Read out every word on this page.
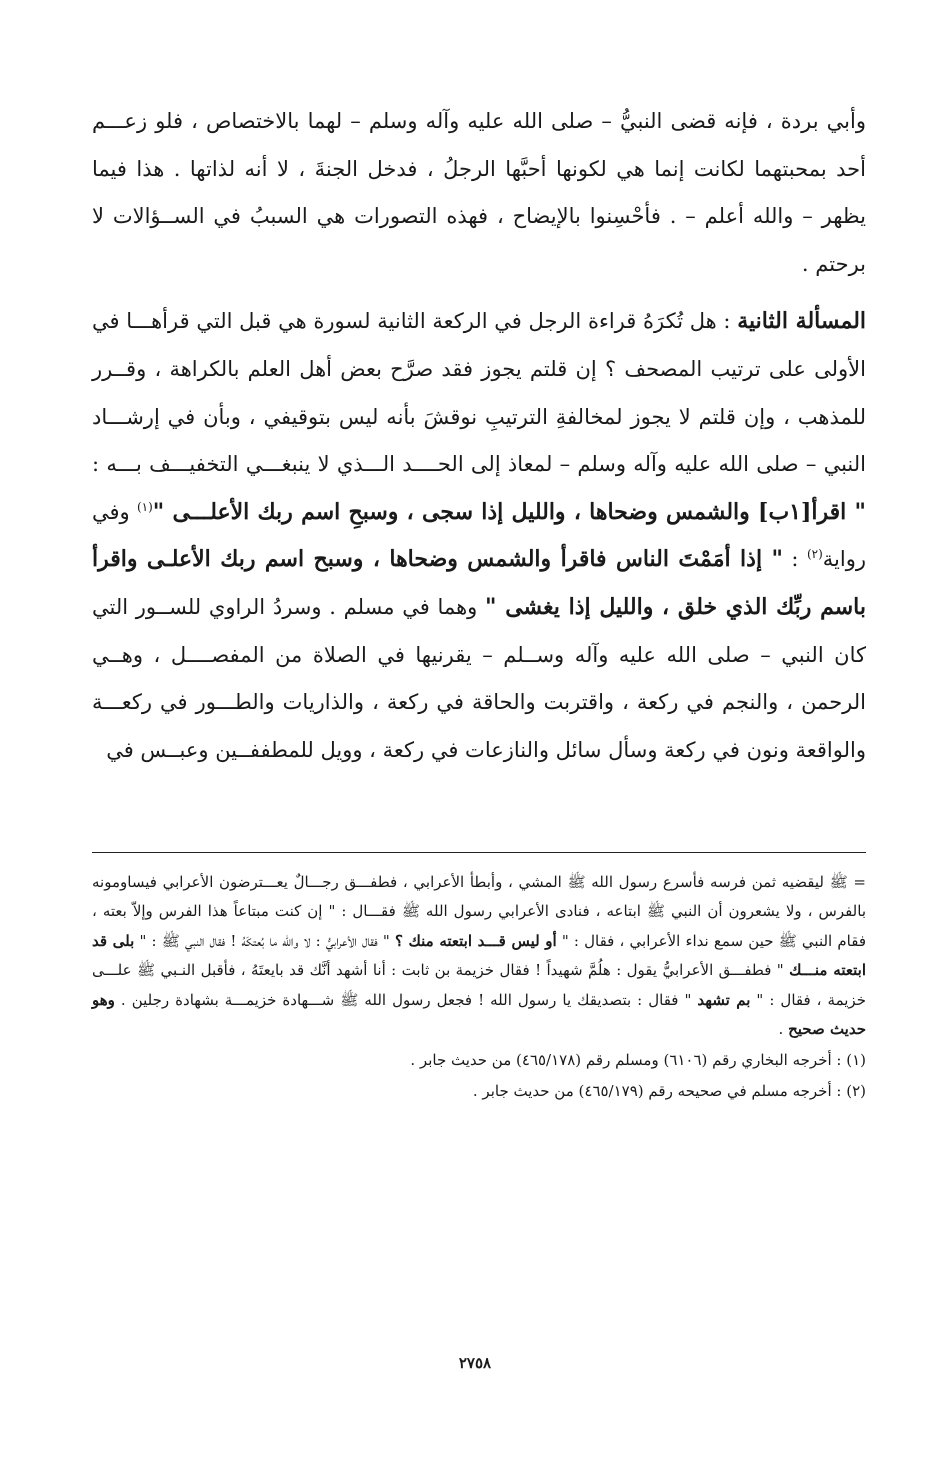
وأبي بردة ، فإنه قضى النبيُّ – صلى الله عليه وآله وسلم – لهما بالاختصاص ، فلو زعـــم أحد بمحبتهما لكانت إنما هي لكونها أحبَّها الرجلُ ، فدخل الجنةَ ، لا أنه لذاتها . هذا فيما يظهر – والله أعلم – . فأحْسِنوا بالإيضاح ، فهذه التصورات هي السببُ في الســؤالات لا برحتم .

المسألة الثانية : هل تُكرَهُ قراءة الرجل في الركعة الثانية لسورة هي قبل التي قرأهـــا في الأولى على ترتيب المصحف ؟ إن قلتم يجوز فقد صرَّح بعض أهل العلم بالكراهة ، وقــرر للمذهب ، وإن قلتم لا يجوز لمخالفةِ الترتيبِ نوقشَ بأنه ليس بتوقيفي ، وبأن في إرشـــاد النبي – صلى الله عليه وآله وسلم – لمعاذ إلى الحــــد الـــذي لا ينبغـــي التخفيـــف بـــه : " اقرأ[١ب] والشمس وضحاها ، والليل إذا سجى ، وسبحِ اسم ربك الأعلـــى "$^{(١)}$ وفي رواية$^{(٢)}$ : " إذا أمَمْتَ الناس فاقرأ والشمس وضحاها ، وسبح اسم ربك الأعلـى واقرأ باسم ربِّك الذي خلق ، والليل إذا يغشى " وهما في مسلم . وسردُ الراوي للســور التي كان النبي – صلى الله عليه وآله وســلم – يقرنيها في الصلاة من المفصــــل ، وهــي الرحمن ، والنجم في ركعة ، واقتربت والحاقة في ركعة ، والذاريات والطـــور في ركعـــة والواقعة ونون في ركعة وسأل سائل والنازعات في ركعة ، وويل للمطففــين وعبــس في

= ﷺ ليقضيه ثمن فرسه فأسرع رسول الله ﷺ المشي ، وأبطأ الأعرابي ، فطفـــق رجـــالٌ يعـــترضون الأعرابي فيساومونه بالفرس ، ولا يشعرون أن النبي ﷺ ابتاعه ، فنادى الأعرابي رسول الله ﷺ فقـــال : " إن كنت مبتاعاً هذا الفرس وإلاّ بعته ، فقام النبي ﷺ حين سمع نداء الأعرابي ، فقال : " أو ليس قـــد ابتعته منك ؟ " فقال الأعرابيُّ : لا والله ما بُعتكَهُ ! فقال النبي ﷺ : " بلى قد ابتعته منـــك " فطفـــق الأعرابيُّ يقول : هلُمَّ شهيداً ! فقال خزيمة بن ثابت : أنا أشهد أنَّك قد بايعتَهُ ، فأقبل النـبي ﷺ علـــى خزيمة ، فقال : " بم تشهد " فقال : بتصديقك يا رسول الله ! فجعل رسول الله ﷺ شـــهادة خزيمـــة بشهادة رجلين . وهو حديث صحيح .
(١) : أخرجه البخاري رقم (٦١٠٦) ومسلم رقم (٤٦٥/١٧٨) من حديث جابر .
(٢) : أخرجه مسلم في صحيحه رقم (٤٦٥/١٧٩) من حديث جابر .
٢٧٥٨
